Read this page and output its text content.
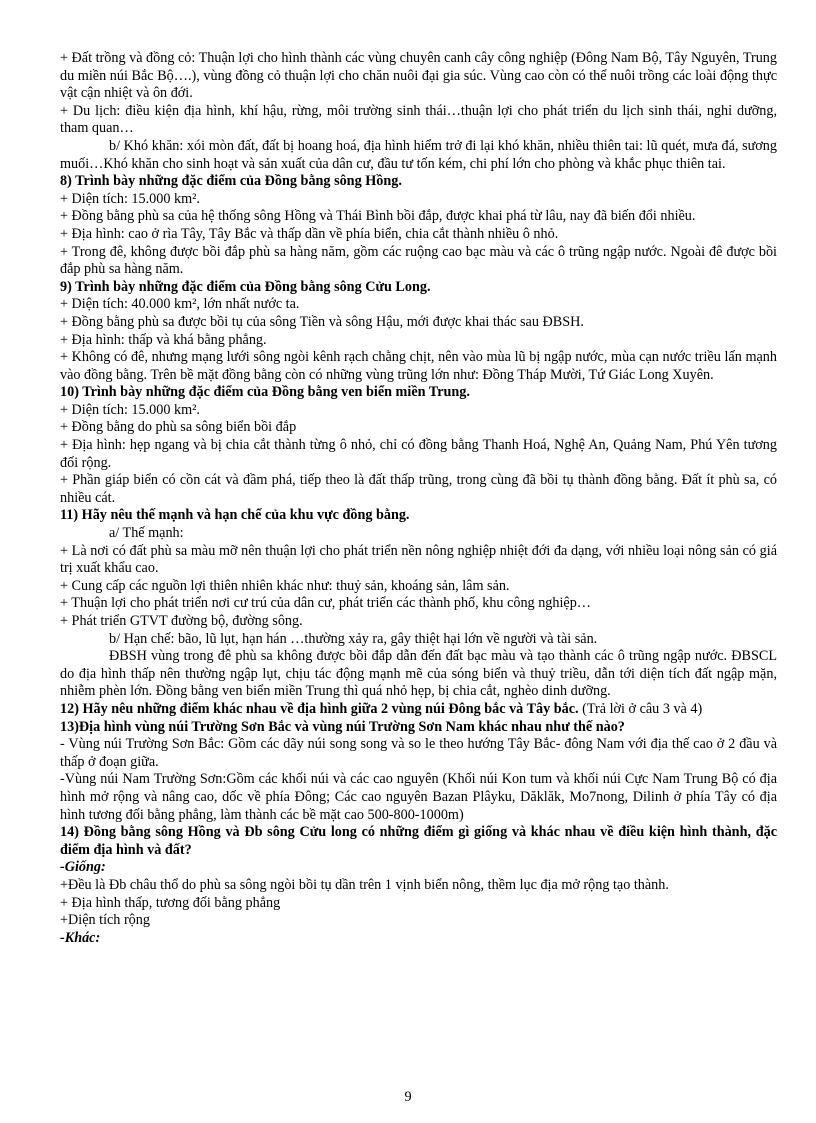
+ Đất trồng và đồng cỏ: Thuận lợi cho hình thành các vùng chuyên canh cây công nghiệp (Đông Nam Bộ, Tây Nguyên, Trung du miền núi Bắc Bộ….), vùng đồng cỏ thuận lợi cho chăn nuôi đại gia súc. Vùng cao còn có thể nuôi trồng các loài động thực vật cận nhiệt và ôn đới.
+ Du lịch: điều kiện địa hình, khí hậu, rừng, môi trường sinh thái…thuận lợi cho phát triển du lịch sinh thái, nghỉ dưỡng, tham quan…
b/ Khó khăn: xói mòn đất, đất bị hoang hoá, địa hình hiểm trở đi lại khó khăn, nhiều thiên tai: lũ quét, mưa đá, sương muối…Khó khăn cho sinh hoạt và sản xuất của dân cư, đầu tư tốn kém, chi phí lớn cho phòng và khắc phục thiên tai.
8) Trình bày những đặc điểm của Đồng bằng sông Hồng.
+ Diện tích: 15.000 km².
+ Đồng bằng phù sa của hệ thống sông Hồng và Thái Bình bồi đắp, được khai phá từ lâu, nay đã biến đổi nhiều.
+ Địa hình: cao ở rìa Tây, Tây Bắc và thấp dần về phía biển, chia cắt thành nhiều ô nhỏ.
+ Trong đê, không được bồi đắp phù sa hàng năm, gồm các ruộng cao bạc màu và các ô trũng ngập nước. Ngoài đê được bồi đắp phù sa hàng năm.
9) Trình bày những đặc điểm của Đồng bằng sông Cửu Long.
+ Diện tích: 40.000 km², lớn nhất nước ta.
+ Đồng bằng phù sa được bồi tụ của sông Tiền và sông Hậu, mới được khai thác sau ĐBSH.
+ Địa hình: thấp và khá bằng phẳng.
+ Không có đê, nhưng mạng lưới sông ngòi kênh rạch chằng chịt, nên vào mùa lũ bị ngập nước, mùa cạn nước triều lấn mạnh vào đồng bằng. Trên bề mặt đồng bằng còn có những vùng trũng lớn như: Đồng Tháp Mười, Tứ Giác Long Xuyên.
10) Trình bày những đặc điểm của Đồng bằng ven biển miền Trung.
+ Diện tích: 15.000 km².
+ Đồng bằng do phù sa sông biển bồi đắp
+ Địa hình: hẹp ngang và bị chia cắt thành từng ô nhỏ, chỉ có đồng bằng Thanh Hoá, Nghệ An, Quảng Nam, Phú Yên tương đối rộng.
+ Phần giáp biển có cồn cát và đầm phá, tiếp theo là đất thấp trũng, trong cùng đã bồi tụ thành đồng bằng. Đất ít phù sa, có nhiều cát.
11) Hãy nêu thế mạnh và hạn chế của khu vực đồng bằng.
a/ Thế mạnh:
+ Là nơi có đất phù sa màu mỡ nên thuận lợi cho phát triển nền nông nghiệp nhiệt đới đa dạng, với nhiều loại nông sản có giá trị xuất khẩu cao.
+ Cung cấp các nguồn lợi thiên nhiên khác như: thuỷ sản, khoáng sản, lâm sản.
+ Thuận lợi cho phát triển nơi cư trú của dân cư, phát triển các thành phố, khu công nghiệp…
+ Phát triển GTVT đường bộ, đường sông.
b/ Hạn chế: bão, lũ lụt, hạn hán …thường xảy ra, gây thiệt hại lớn về người và tài sản.
ĐBSH vùng trong đê phù sa không được bồi đắp dẫn đến đất bạc màu và tạo thành các ô trũng ngập nước. ĐBSCL do địa hình thấp nên thường ngập lụt, chịu tác động mạnh mẽ của sóng biển và thuỷ triều, dẫn tới diện tích đất ngập mặn, nhiễm phèn lớn. Đồng bằng ven biển miền Trung thì quá nhỏ hẹp, bị chia cắt, nghèo dinh dưỡng.
12) Hãy nêu những điểm khác nhau về địa hình giữa 2 vùng núi Đông bắc và Tây bắc. (Trả lời ở câu 3 và 4)
13)Địa hình vùng núi Trường Sơn Bắc và vùng núi Trường Sơn Nam khác nhau như thế nào?
- Vùng núi Trường Sơn Bắc: Gồm các dãy núi song song và so le theo hướng Tây Bắc- đông Nam với địa thế cao ở 2 đầu và thấp ở đoạn giữa.
-Vùng núi Nam Trường Sơn:Gồm các khối núi và các cao nguyên (Khối núi Kon tum và khối núi Cực Nam Trung Bộ có địa hình mở rộng và nâng cao, dốc về phía Đông; Các cao nguyên Bazan Plâyku, Dăklăk, Mo7nong, Dilinh ở phía Tây có địa hình tương đối bằng phẳng, làm thành các bề mặt cao 500-800-1000m)
14) Đồng bằng sông Hồng và Đb sông Cửu long có những điểm gì giống và khác nhau về điều kiện hình thành, đặc điểm địa hình và đất?
-Giống:
+Đều là Đb châu thổ do phù sa sông ngòi bồi tụ dần trên 1 vịnh biển nông, thềm lục địa mở rộng tạo thành.
+ Địa hình thấp, tương đối bằng phẳng
+Diện tích rộng
-Khác:
9
